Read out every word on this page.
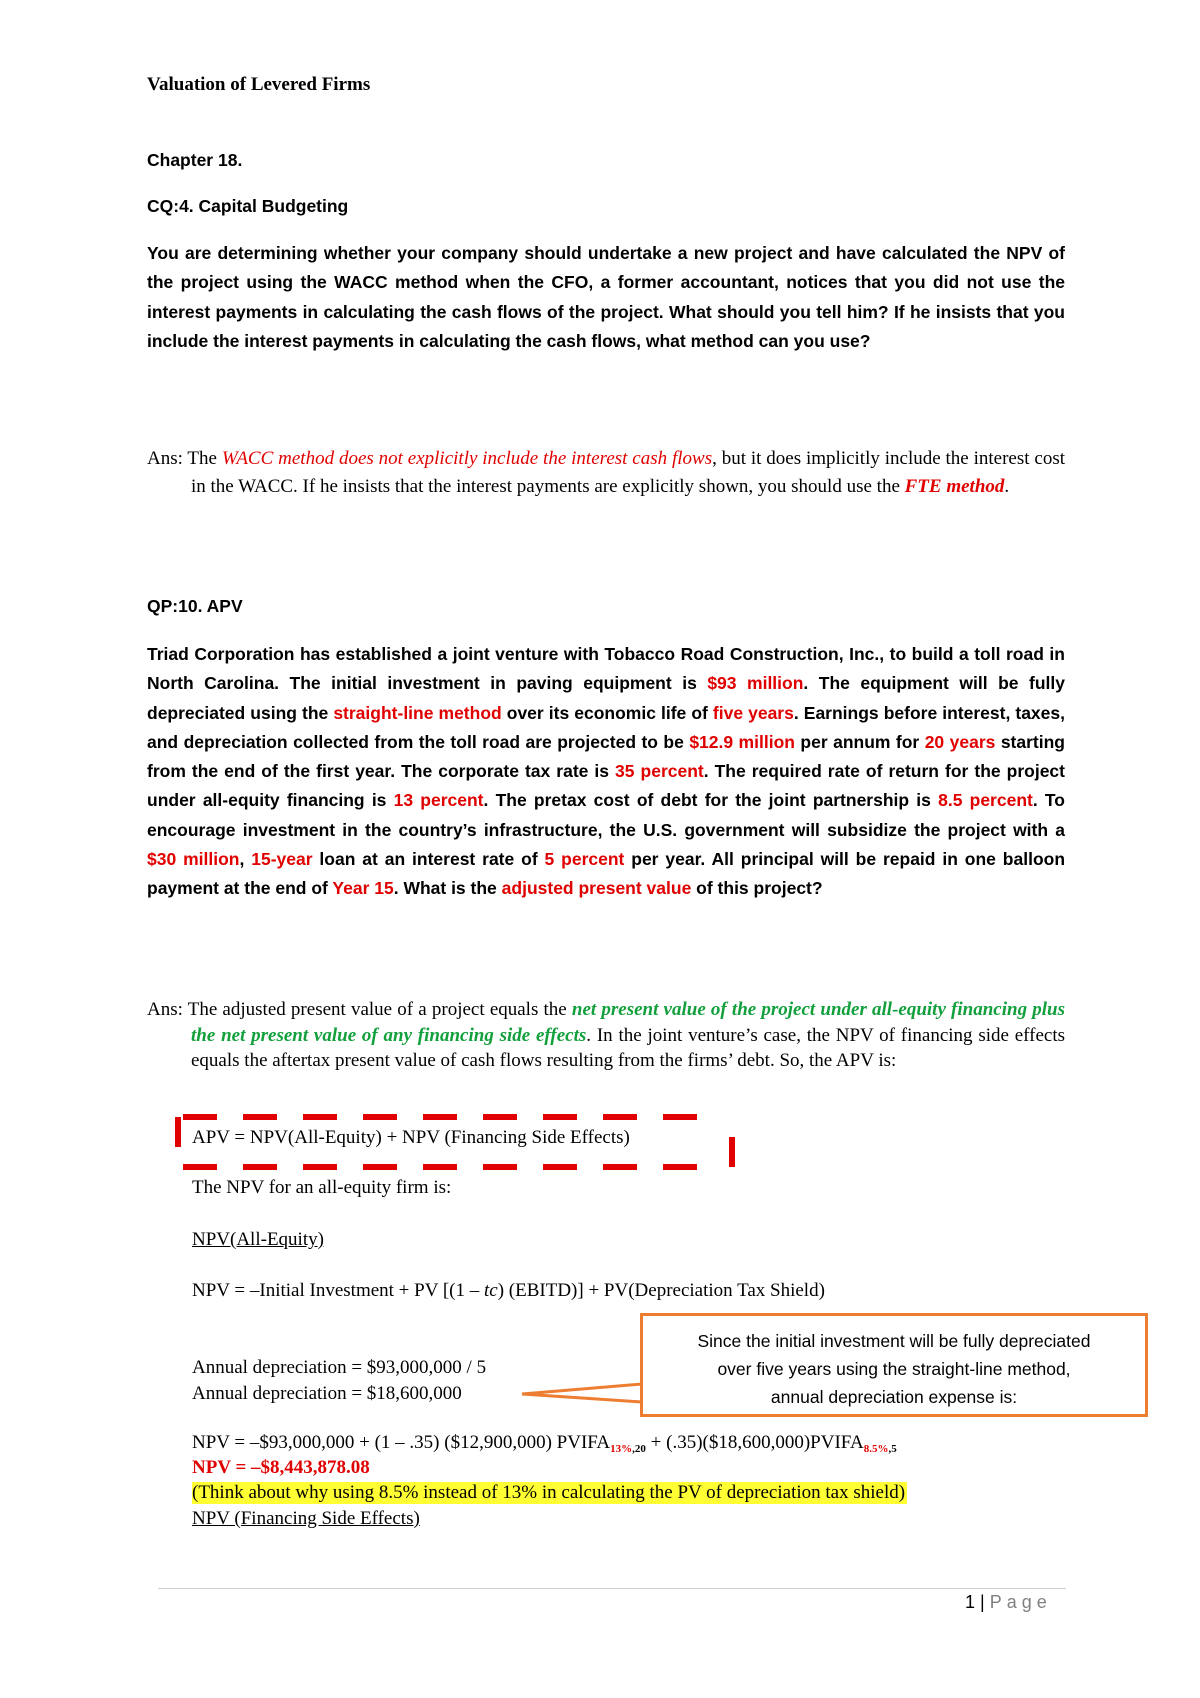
Valuation of Levered Firms
Chapter 18.
CQ:4. Capital Budgeting
You are determining whether your company should undertake a new project and have calculated the NPV of the project using the WACC method when the CFO, a former accountant, notices that you did not use the interest payments in calculating the cash flows of the project. What should you tell him? If he insists that you include the interest payments in calculating the cash flows, what method can you use?
Ans: The WACC method does not explicitly include the interest cash flows, but it does implicitly include the interest cost in the WACC. If he insists that the interest payments are explicitly shown, you should use the FTE method.
QP:10. APV
Triad Corporation has established a joint venture with Tobacco Road Construction, Inc., to build a toll road in North Carolina. The initial investment in paving equipment is $93 million. The equipment will be fully depreciated using the straight-line method over its economic life of five years. Earnings before interest, taxes, and depreciation collected from the toll road are projected to be $12.9 million per annum for 20 years starting from the end of the first year. The corporate tax rate is 35 percent. The required rate of return for the project under all-equity financing is 13 percent. The pretax cost of debt for the joint partnership is 8.5 percent. To encourage investment in the country’s infrastructure, the U.S. government will subsidize the project with a $30 million, 15-year loan at an interest rate of 5 percent per year. All principal will be repaid in one balloon payment at the end of Year 15. What is the adjusted present value of this project?
Ans: The adjusted present value of a project equals the net present value of the project under all-equity financing plus the net present value of any financing side effects. In the joint venture’s case, the NPV of financing side effects equals the aftertax present value of cash flows resulting from the firms’ debt. So, the APV is:
APV = NPV(All-Equity) + NPV (Financing Side Effects)
The NPV for an all-equity firm is:
NPV(All-Equity)
NPV = –Initial Investment + PV [(1 – tc) (EBITD)] + PV(Depreciation Tax Shield)
Annual depreciation = $93,000,000 / 5
Annual depreciation = $18,600,000
NPV = –$93,000,000 + (1 – .35) ($12,900,000) $PVIFA_{13\%,20}$ + $(.35)(\$18,600,000)PVIFA_{8.5\%,5}$
NPV = –$8,443,878.08
(Think about why using 8.5% instead of 13% in calculating the PV of depreciation tax shield)
NPV (Financing Side Effects)
Since the initial investment will be fully depreciated
over five years using the straight-line method,
annual depreciation expense is:
1 | Page
